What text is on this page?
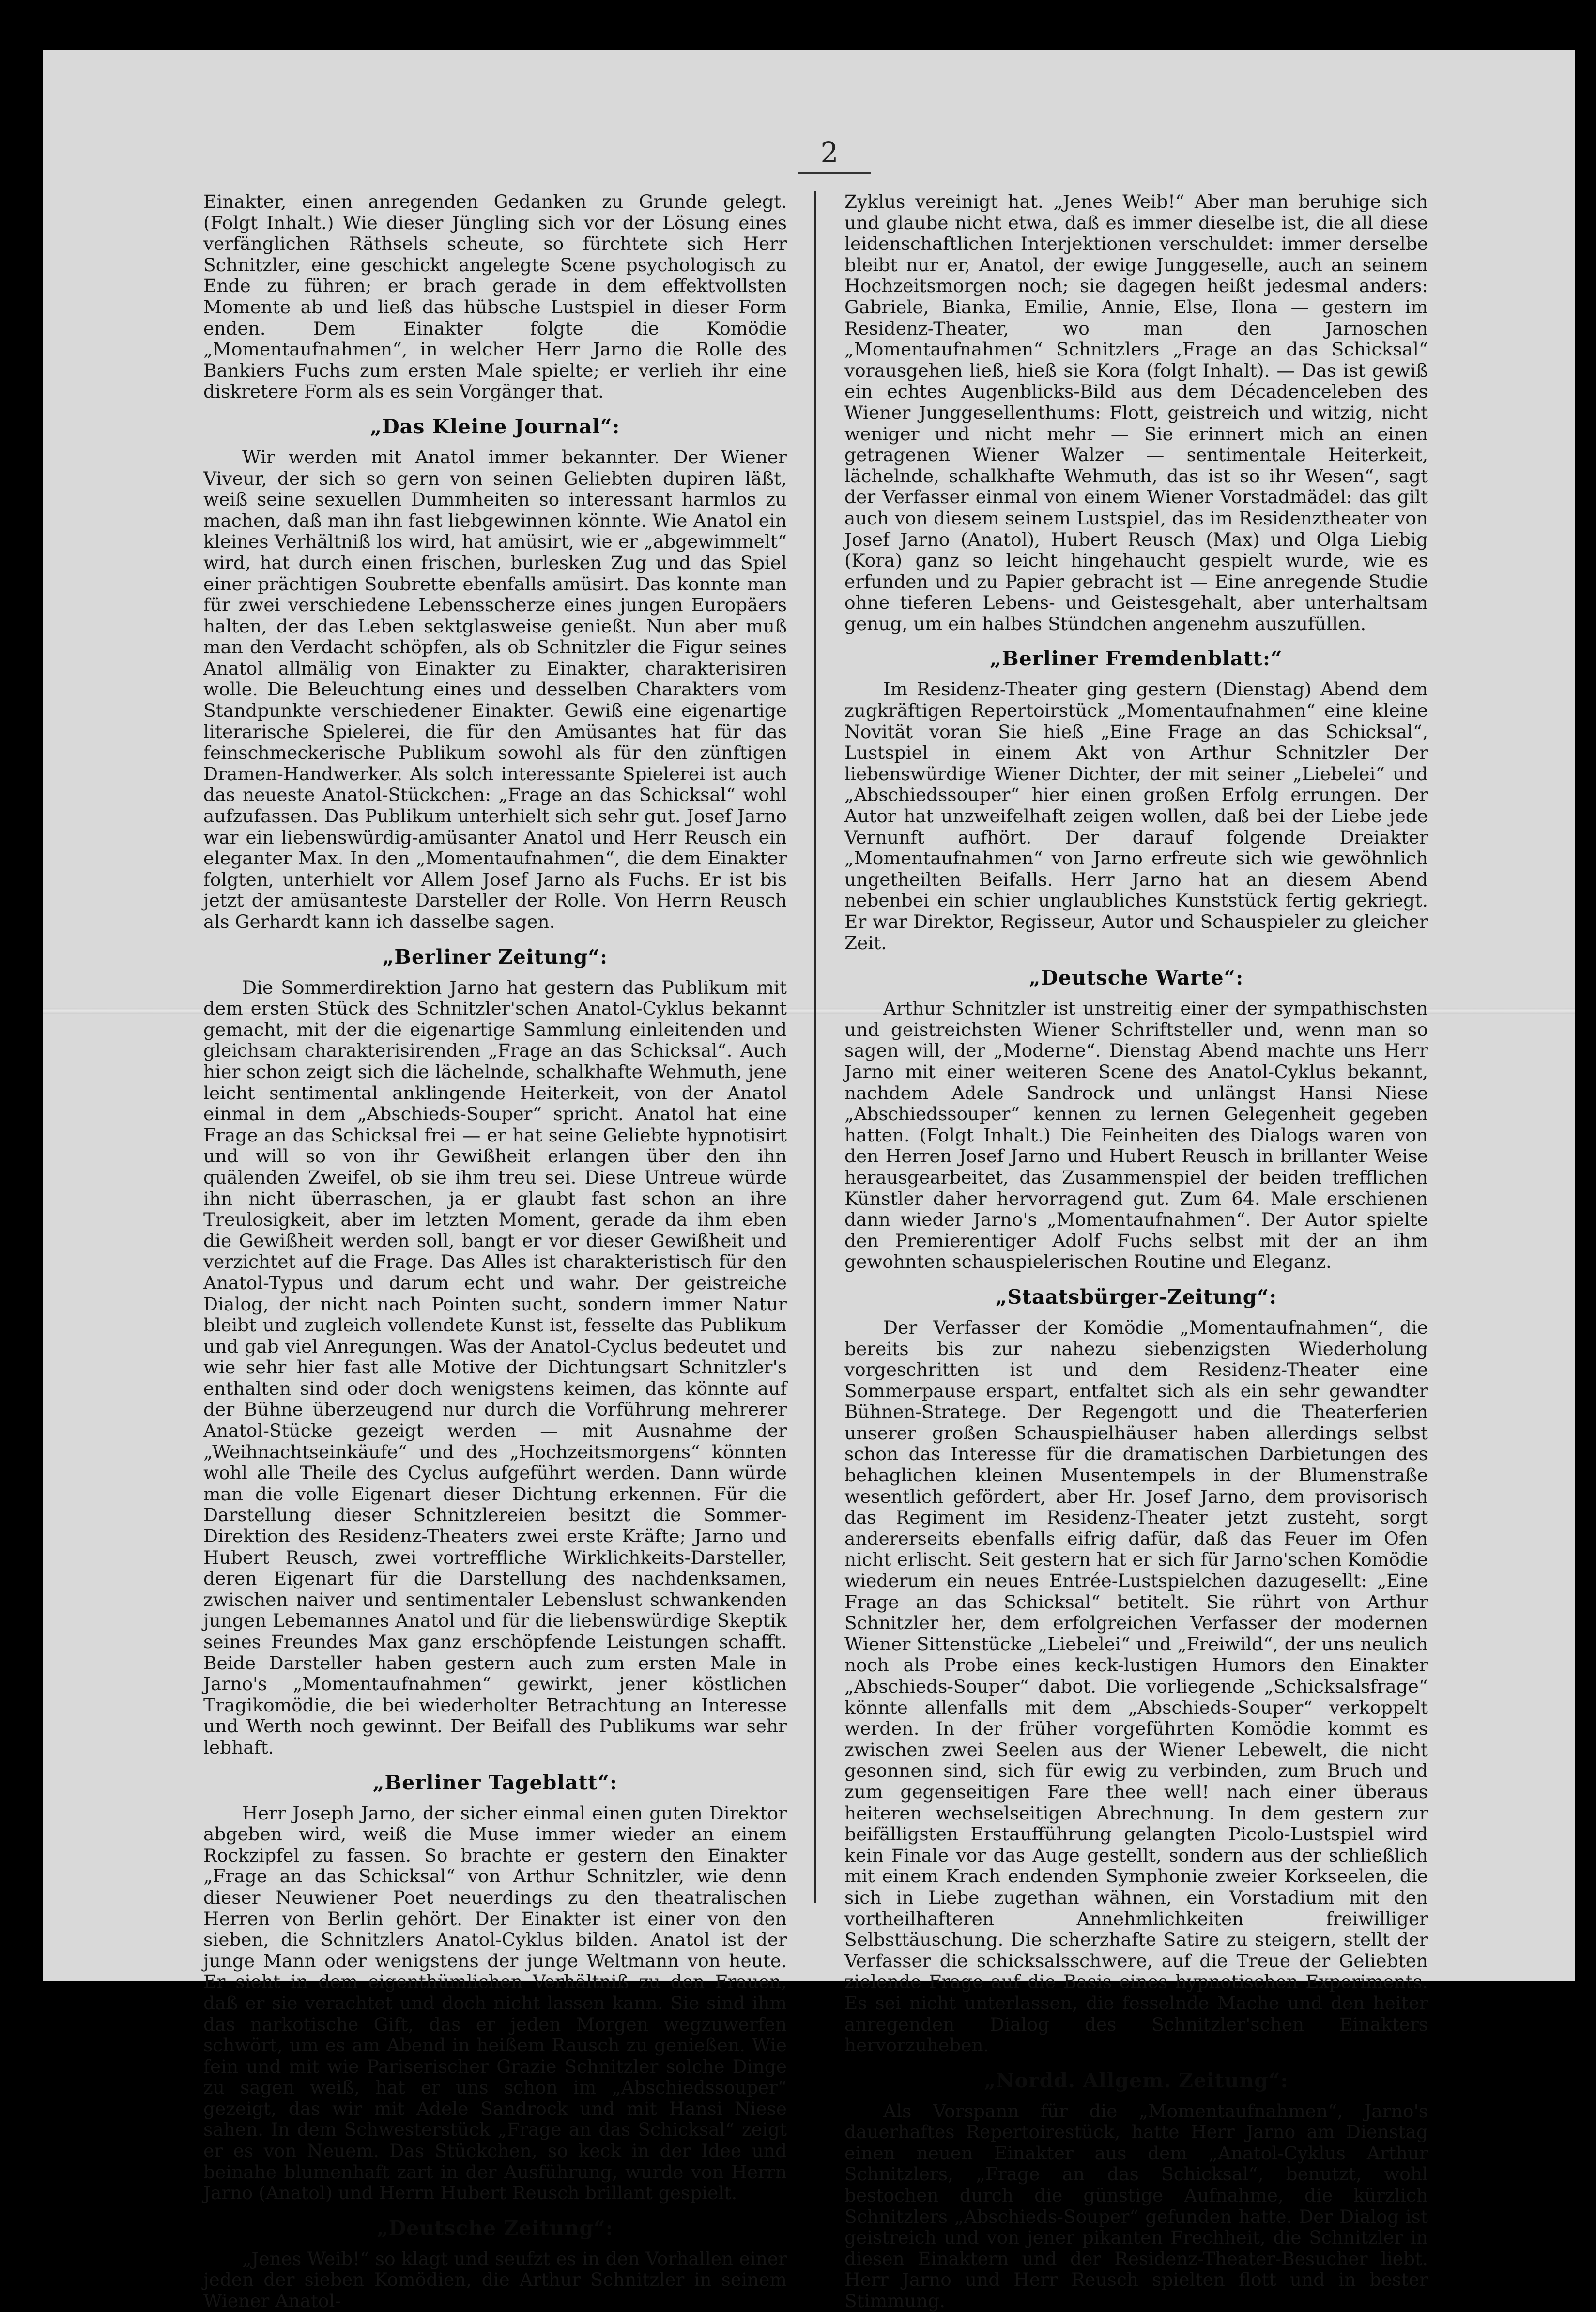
2

Einakter, einen anregenden Gedanken zu Grunde gelegt. (Folgt Inhalt.) Wie dieser Jüngling sich vor der Lösung eines verfänglichen Räthsels scheute, so fürchtete sich Herr Schnitzler, eine geschickt angelegte Scene psychologisch zu Ende zu führen; er brach gerade in dem effektvollsten Momente ab und ließ das hübsche Lustspiel in dieser Form enden. Dem Einakter folgte die Komödie „Momentaufnahmen“, in welcher Herr Jarno die Rolle des Bankiers Fuchs zum ersten Male spielte; er verlieh ihr eine diskretere Form als es sein Vorgänger that.

„Das Kleine Journal“:

Wir werden mit Anatol immer bekannter. Der Wiener Viveur, der sich so gern von seinen Geliebten dupiren läßt, weiß seine sexuellen Dummheiten so interessant harmlos zu machen, daß man ihn fast liebgewinnen könnte. Wie Anatol ein kleines Verhältniß los wird, hat amüsirt, wie er „abgewimmelt“ wird, hat durch einen frischen, burlesken Zug und das Spiel einer prächtigen Soubrette ebenfalls amüsirt. Das konnte man für zwei verschiedene Lebensscherze eines jungen Europäers halten, der das Leben sektglasweise genießt. Nun aber muß man den Verdacht schöpfen, als ob Schnitzler die Figur seines Anatol allmälig von Einakter zu Einakter, charakterisiren wolle. Die Beleuchtung eines und desselben Charakters vom Standpunkte verschiedener Einakter. Gewiß eine eigenartige literarische Spielerei, die für den Amüsantes hat für das feinschmeckerische Publikum sowohl als für den zünftigen Dramen-Handwerker. Als solch interessante Spielerei ist auch das neueste Anatol-Stückchen: „Frage an das Schicksal“ wohl aufzufassen. Das Publikum unterhielt sich sehr gut. Josef Jarno war ein liebenswürdig-amüsanter Anatol und Herr Reusch ein eleganter Max. In den „Momentaufnahmen“, die dem Einakter folgten, unterhielt vor Allem Josef Jarno als Fuchs. Er ist bis jetzt der amüsanteste Darsteller der Rolle. Von Herrn Reusch als Gerhardt kann ich dasselbe sagen.

„Berliner Zeitung“:

Die Sommerdirektion Jarno hat gestern das Publikum mit dem ersten Stück des Schnitzler'schen Anatol-Cyklus bekannt gemacht, mit der die eigenartige Sammlung einleitenden und gleichsam charakterisirenden „Frage an das Schicksal“. Auch hier schon zeigt sich die lächelnde, schalkhafte Wehmuth, jene leicht sentimental anklingende Heiterkeit, von der Anatol einmal in dem „Abschieds-Souper“ spricht. Anatol hat eine Frage an das Schicksal frei — er hat seine Geliebte hypnotisirt und will so von ihr Gewißheit erlangen über den ihn quälenden Zweifel, ob sie ihm treu sei. Diese Untreue würde ihn nicht überraschen, ja er glaubt fast schon an ihre Treulosigkeit, aber im letzten Moment, gerade da ihm eben die Gewißheit werden soll, bangt er vor dieser Gewißheit und verzichtet auf die Frage. Das Alles ist charakteristisch für den Anatol-Typus und darum echt und wahr. Der geistreiche Dialog, der nicht nach Pointen sucht, sondern immer Natur bleibt und zugleich vollendete Kunst ist, fesselte das Publikum und gab viel Anregungen. Was der Anatol-Cyclus bedeutet und wie sehr hier fast alle Motive der Dichtungsart Schnitzler's enthalten sind oder doch wenigstens keimen, das könnte auf der Bühne überzeugend nur durch die Vorführung mehrerer Anatol-Stücke gezeigt werden — mit Ausnahme der „Weihnachtseinkäufe“ und des „Hochzeitsmorgens“ könnten wohl alle Theile des Cyclus aufgeführt werden. Dann würde man die volle Eigenart dieser Dichtung erkennen. Für die Darstellung dieser Schnitzlereien besitzt die Sommer-Direktion des Residenz-Theaters zwei erste Kräfte; Jarno und Hubert Reusch, zwei vortreffliche Wirklichkeits-Darsteller, deren Eigenart für die Darstellung des nachdenksamen, zwischen naiver und sentimentaler Lebenslust schwankenden jungen Lebemannes Anatol und für die liebenswürdige Skeptik seines Freundes Max ganz erschöpfende Leistungen schafft. Beide Darsteller haben gestern auch zum ersten Male in Jarno's „Momentaufnahmen“ gewirkt, jener köstlichen Tragikomödie, die bei wiederholter Betrachtung an Interesse und Werth noch gewinnt. Der Beifall des Publikums war sehr lebhaft.

„Berliner Tageblatt“:

Herr Joseph Jarno, der sicher einmal einen guten Direktor abgeben wird, weiß die Muse immer wieder an einem Rockzipfel zu fassen. So brachte er gestern den Einakter „Frage an das Schicksal“ von Arthur Schnitzler, wie denn dieser Neuwiener Poet neuerdings zu den theatralischen Herren von Berlin gehört. Der Einakter ist einer von den sieben, die Schnitzlers Anatol-Cyklus bilden. Anatol ist der junge Mann oder wenigstens der junge Weltmann von heute. Er sieht in dem eigenthümlichen Verhältniß zu den Frauen, daß er sie verachtet und doch nicht lassen kann. Sie sind ihm das narkotische Gift, das er jeden Morgen wegzuwerfen schwört, um es am Abend in heißem Rausch zu genießen. Wie fein und mit wie Pariserischer Grazie Schnitzler solche Dinge zu sagen weiß, hat er uns schon im „Abschiedssouper“ gezeigt, das wir mit Adele Sandrock und mit Hansi Niese sahen. In dem Schwesterstück „Frage an das Schicksal“ zeigt er es von Neuem. Das Stückchen, so keck in der Idee und beinahe blumenhaft zart in der Ausführung, wurde von Herrn Jarno (Anatol) und Herrn Hubert Reusch brillant gespielt.

„Deutsche Zeitung“:

„Jenes Weib!“ so klagt und seufzt es in den Vorhallen einer jeden der sieben Komödien, die Arthur Schnitzler in seinem Wiener Anatol-

Zyklus vereinigt hat. „Jenes Weib!“ Aber man beruhige sich und glaube nicht etwa, daß es immer dieselbe ist, die all diese leidenschaftlichen Interjektionen verschuldet: immer derselbe bleibt nur er, Anatol, der ewige Junggeselle, auch an seinem Hochzeitsmorgen noch; sie dagegen heißt jedesmal anders: Gabriele, Bianka, Emilie, Annie, Else, Ilona — gestern im Residenz-Theater, wo man den Jarnoschen „Momentaufnahmen“ Schnitzlers „Frage an das Schicksal“ vorausgehen ließ, hieß sie Kora (folgt Inhalt). — Das ist gewiß ein echtes Augenblicks-Bild aus dem Décadenceleben des Wiener Junggesellenthums: Flott, geistreich und witzig, nicht weniger und nicht mehr — Sie erinnert mich an einen getragenen Wiener Walzer — sentimentale Heiterkeit, lächelnde, schalkhafte Wehmuth, das ist so ihr Wesen“, sagt der Verfasser einmal von einem Wiener Vorstadmädel: das gilt auch von diesem seinem Lustspiel, das im Residenztheater von Josef Jarno (Anatol), Hubert Reusch (Max) und Olga Liebig (Kora) ganz so leicht hingehaucht gespielt wurde, wie es erfunden und zu Papier gebracht ist — Eine anregende Studie ohne tieferen Lebens- und Geistesgehalt, aber unterhaltsam genug, um ein halbes Stündchen angenehm auszufüllen.

„Berliner Fremdenblatt:“

Im Residenz-Theater ging gestern (Dienstag) Abend dem zugkräftigen Repertoirstück „Momentaufnahmen“ eine kleine Novität voran Sie hieß „Eine Frage an das Schicksal“, Lustspiel in einem Akt von Arthur Schnitzler Der liebenswürdige Wiener Dichter, der mit seiner „Liebelei“ und „Abschiedssouper“ hier einen großen Erfolg errungen. Der Autor hat unzweifelhaft zeigen wollen, daß bei der Liebe jede Vernunft aufhört. Der darauf folgende Dreiakter „Momentaufnahmen“ von Jarno erfreute sich wie gewöhnlich ungetheilten Beifalls. Herr Jarno hat an diesem Abend nebenbei ein schier unglaubliches Kunststück fertig gekriegt. Er war Direktor, Regisseur, Autor und Schauspieler zu gleicher Zeit.

„Deutsche Warte“:

Arthur Schnitzler ist unstreitig einer der sympathischsten und geistreichsten Wiener Schriftsteller und, wenn man so sagen will, der „Moderne“. Dienstag Abend machte uns Herr Jarno mit einer weiteren Scene des Anatol-Cyklus bekannt, nachdem Adele Sandrock und unlängst Hansi Niese „Abschiedssouper“ kennen zu lernen Gelegenheit gegeben hatten. (Folgt Inhalt.) Die Feinheiten des Dialogs waren von den Herren Josef Jarno und Hubert Reusch in brillanter Weise herausgearbeitet, das Zusammenspiel der beiden trefflichen Künstler daher hervorragend gut. Zum 64. Male erschienen dann wieder Jarno's „Momentaufnahmen“. Der Autor spielte den Premierentiger Adolf Fuchs selbst mit der an ihm gewohnten schauspielerischen Routine und Eleganz.

„Staatsbürger-Zeitung“:

Der Verfasser der Komödie „Momentaufnahmen“, die bereits bis zur nahezu siebenzigsten Wiederholung vorgeschritten ist und dem Residenz-Theater eine Sommerpause erspart, entfaltet sich als ein sehr gewandter Bühnen-Stratege. Der Regengott und die Theaterferien unserer großen Schauspielhäuser haben allerdings selbst schon das Interesse für die dramatischen Darbietungen des behaglichen kleinen Musentempels in der Blumenstraße wesentlich gefördert, aber Hr. Josef Jarno, dem provisorisch das Regiment im Residenz-Theater jetzt zusteht, sorgt andererseits ebenfalls eifrig dafür, daß das Feuer im Ofen nicht erlischt. Seit gestern hat er sich für Jarno'schen Komödie wiederum ein neues Entrée-Lustspielchen dazugesellt: „Eine Frage an das Schicksal“ betitelt. Sie rührt von Arthur Schnitzler her, dem erfolgreichen Verfasser der modernen Wiener Sittenstücke „Liebelei“ und „Freiwild“, der uns neulich noch als Probe eines keck-lustigen Humors den Einakter „Abschieds-Souper“ dabot. Die vorliegende „Schicksalsfrage“ könnte allenfalls mit dem „Abschieds-Souper“ verkoppelt werden. In der früher vorgeführten Komödie kommt es zwischen zwei Seelen aus der Wiener Lebewelt, die nicht gesonnen sind, sich für ewig zu verbinden, zum Bruch und zum gegenseitigen Fare thee well! nach einer überaus heiteren wechselseitigen Abrechnung. In dem gestern zur beifälligsten Erstaufführung gelangten Picolo-Lustspiel wird kein Finale vor das Auge gestellt, sondern aus der schließlich mit einem Krach endenden Symphonie zweier Korkseelen, die sich in Liebe zugethan wähnen, ein Vorstadium mit den vortheilhafteren Annehmlichkeiten freiwilliger Selbsttäuschung. Die scherzhafte Satire zu steigern, stellt der Verfasser die schicksalsschwere, auf die Treue der Geliebten zielende Frage auf die Basis eines hypnotischen Experiments. Es sei nicht unterlassen, die fesselnde Mache und den heiter anregenden Dialog des Schnitzler'schen Einakters hervorzuheben.

„Nordd. Allgem. Zeitung“:

Als Vorspann für die „Momentaufnahmen“, Jarno's dauerhaftes Repertoirestück, hatte Herr Jarno am Dienstag einen neuen Einakter aus dem „Anatol-Cyklus Arthur Schnitzlers, „Frage an das Schicksal“, benutzt, wohl bestochen durch die günstige Aufnahme, die kürzlich Schnitzlers „Abschieds-Souper“ gefunden hatte. Der Dialog ist geistreich und von jener pikanten Frechheit, die Schnitzler in diesen Einaktern und der Residenz-Theater-Besucher liebt. Herr Jarno und Herr Reusch spielten flott und in bester Stimmung.
